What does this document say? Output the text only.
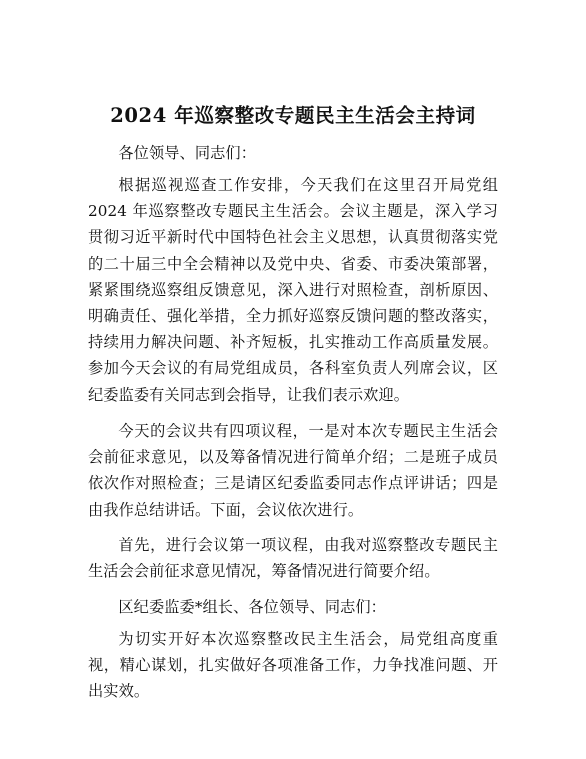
2024 年巡察整改专题民主生活会主持词

各位领导、同志们：

根据巡视巡查工作安排，今天我们在这里召开局党组 2024 年巡察整改专题民主生活会。会议主题是，深入学习贯彻习近平新时代中国特色社会主义思想，认真贯彻落实党的二十届三中全会精神以及党中央、省委、市委决策部署，紧紧围绕巡察组反馈意见，深入进行对照检查，剖析原因、明确责任、强化举措，全力抓好巡察反馈问题的整改落实，持续用力解决问题、补齐短板，扎实推动工作高质量发展。参加今天会议的有局党组成员，各科室负责人列席会议，区纪委监委有关同志到会指导，让我们表示欢迎。

今天的会议共有四项议程，一是对本次专题民主生活会会前征求意见，以及筹备情况进行简单介绍；二是班子成员依次作对照检查；三是请区纪委监委同志作点评讲话；四是由我作总结讲话。下面，会议依次进行。

首先，进行会议第一项议程，由我对巡察整改专题民主生活会会前征求意见情况，筹备情况进行简要介绍。

区纪委监委*组长、各位领导、同志们：

为切实开好本次巡察整改民主生活会，局党组高度重视，精心谋划，扎实做好各项准备工作，力争找准问题、开出实效。
